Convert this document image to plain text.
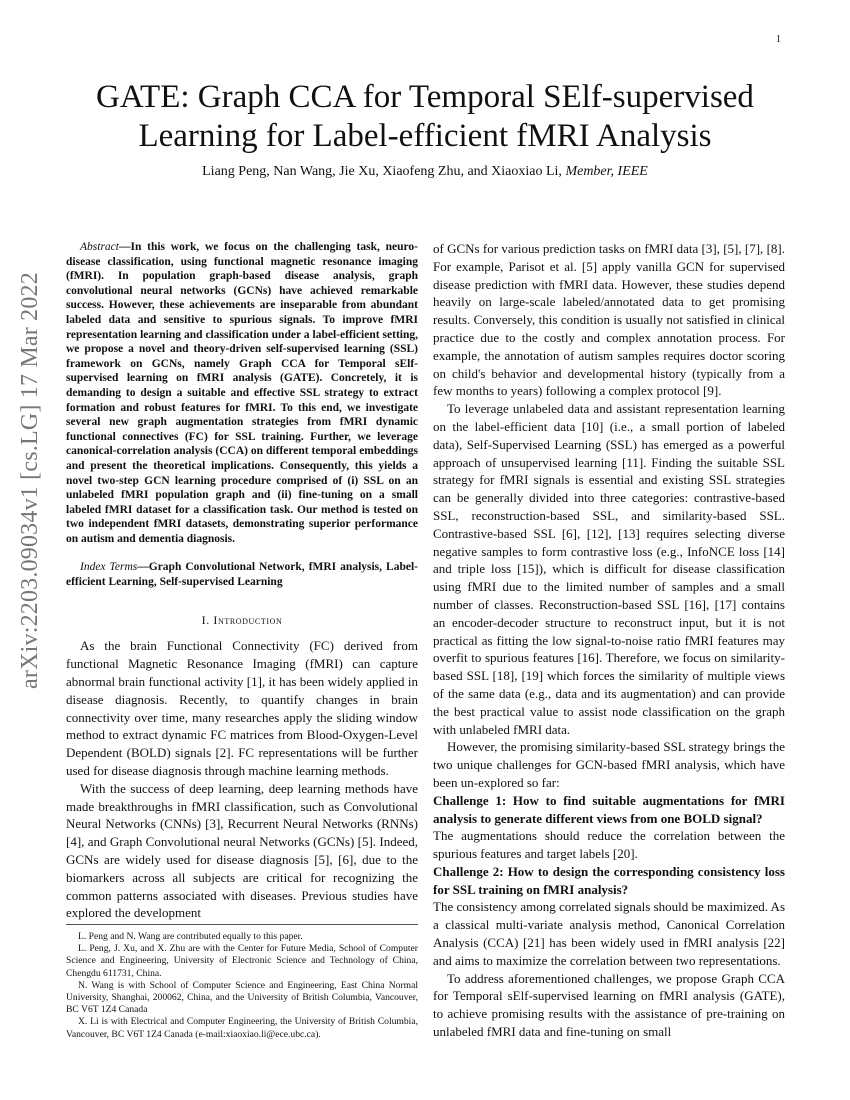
1
arXiv:2203.09034v1 [cs.LG] 17 Mar 2022
GATE: Graph CCA for Temporal SElf-supervised
Learning for Label-efficient fMRI Analysis
Liang Peng, Nan Wang, Jie Xu, Xiaofeng Zhu, and Xiaoxiao Li, Member, IEEE

Abstract—In this work, we focus on the challenging task, neuro-disease classification, using functional magnetic resonance imaging (fMRI). In population graph-based disease analysis, graph convolutional neural networks (GCNs) have achieved remarkable success. However, these achievements are inseparable from abundant labeled data and sensitive to spurious signals. To improve fMRI representation learning and classification under a label-efficient setting, we propose a novel and theory-driven self-supervised learning (SSL) framework on GCNs, namely Graph CCA for Temporal sElf-supervised learning on fMRI analysis (GATE). Concretely, it is demanding to design a suitable and effective SSL strategy to extract formation and robust features for fMRI. To this end, we investigate several new graph augmentation strategies from fMRI dynamic functional connectives (FC) for SSL training. Further, we leverage canonical-correlation analysis (CCA) on different temporal embeddings and present the theoretical implications. Consequently, this yields a novel two-step GCN learning procedure comprised of (i) SSL on an unlabeled fMRI population graph and (ii) fine-tuning on a small labeled fMRI dataset for a classification task. Our method is tested on two independent fMRI datasets, demonstrating superior performance on autism and dementia diagnosis.

Index Terms—Graph Convolutional Network, fMRI analysis, Label-efficient Learning, Self-supervised Learning

I. Introduction

As the brain Functional Connectivity (FC) derived from functional Magnetic Resonance Imaging (fMRI) can capture abnormal brain functional activity [1], it has been widely applied in disease diagnosis. Recently, to quantify changes in brain connectivity over time, many researches apply the sliding window method to extract dynamic FC matrices from Blood-Oxygen-Level Dependent (BOLD) signals [2]. FC representations will be further used for disease diagnosis through machine learning methods.

With the success of deep learning, deep learning methods have made breakthroughs in fMRI classification, such as Convolutional Neural Networks (CNNs) [3], Recurrent Neural Networks (RNNs) [4], and Graph Convolutional neural Networks (GCNs) [5]. Indeed, GCNs are widely used for disease diagnosis [5], [6], due to the biomarkers across all subjects are critical for recognizing the common patterns associated with diseases. Previous studies have explored the development

L. Peng and N. Wang are contributed equally to this paper.

L. Peng, J. Xu, and X. Zhu are with the Center for Future Media, School of Computer Science and Engineering, University of Electronic Science and Technology of China, Chengdu 611731, China.

N. Wang is with School of Computer Science and Engineering, East China Normal University, Shanghai, 200062, China, and the University of British Columbia, Vancouver, BC V6T 1Z4 Canada

X. Li is with Electrical and Computer Engineering, the University of British Columbia, Vancouver, BC V6T 1Z4 Canada (e-mail:xiaoxiao.li@ece.ubc.ca).

of GCNs for various prediction tasks on fMRI data [3], [5], [7], [8]. For example, Parisot et al. [5] apply vanilla GCN for supervised disease prediction with fMRI data. However, these studies depend heavily on large-scale labeled/annotated data to get promising results. Conversely, this condition is usually not satisfied in clinical practice due to the costly and complex annotation process. For example, the annotation of autism samples requires doctor scoring on child's behavior and developmental history (typically from a few months to years) following a complex protocol [9].

To leverage unlabeled data and assistant representation learning on the label-efficient data [10] (i.e., a small portion of labeled data), Self-Supervised Learning (SSL) has emerged as a powerful approach of unsupervised learning [11]. Finding the suitable SSL strategy for fMRI signals is essential and existing SSL strategies can be generally divided into three categories: contrastive-based SSL, reconstruction-based SSL, and similarity-based SSL. Contrastive-based SSL [6], [12], [13] requires selecting diverse negative samples to form contrastive loss (e.g., InfoNCE loss [14] and triple loss [15]), which is difficult for disease classification using fMRI due to the limited number of samples and a small number of classes. Reconstruction-based SSL [16], [17] contains an encoder-decoder structure to reconstruct input, but it is not practical as fitting the low signal-to-noise ratio fMRI features may overfit to spurious features [16]. Therefore, we focus on similarity-based SSL [18], [19] which forces the similarity of multiple views of the same data (e.g., data and its augmentation) and can provide the best practical value to assist node classification on the graph with unlabeled fMRI data.

However, the promising similarity-based SSL strategy brings the two unique challenges for GCN-based fMRI analysis, which have been un-explored so far:

Challenge 1: How to find suitable augmentations for fMRI analysis to generate different views from one BOLD signal?

The augmentations should reduce the correlation between the spurious features and target labels [20].

Challenge 2: How to design the corresponding consistency loss for SSL training on fMRI analysis?

The consistency among correlated signals should be maximized. As a classical multi-variate analysis method, Canonical Correlation Analysis (CCA) [21] has been widely used in fMRI analysis [22] and aims to maximize the correlation between two representations.

To address aforementioned challenges, we propose Graph CCA for Temporal sElf-supervised learning on fMRI analysis (GATE), to achieve promising results with the assistance of pre-training on unlabeled fMRI data and fine-tuning on small
